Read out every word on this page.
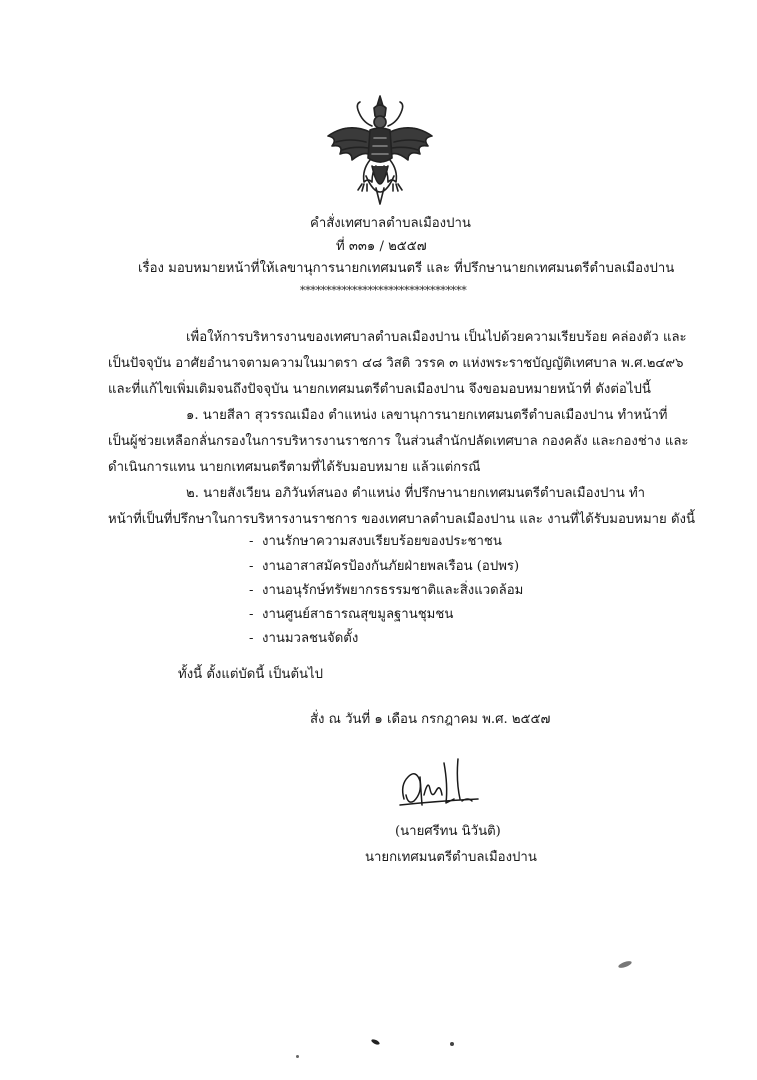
คำสั่งเทศบาลตำบลเมืองปาน
ที่ ๓๓๑ / ๒๕๕๗
เรื่อง มอบหมายหน้าที่ให้เลขานุการนายกเทศมนตรี และ ที่ปรึกษานายกเทศมนตรีตำบลเมืองปาน
********************************
เพื่อให้การบริหารงานของเทศบาลตำบลเมืองปาน เป็นไปด้วยความเรียบร้อย คล่องตัว และ
เป็นปัจจุบัน อาศัยอำนาจตามความในมาตรา ๔๘ วิสติ วรรค ๓ แห่งพระราชบัญญัติเทศบาล พ.ศ.๒๔๙๖
และที่แก้ไขเพิ่มเติมจนถึงปัจจุบัน นายกเทศมนตรีตำบลเมืองปาน จึงขอมอบหมายหน้าที่ ดังต่อไปนี้
๑. นายสีลา สุวรรณเมือง ตำแหน่ง เลขานุการนายกเทศมนตรีตำบลเมืองปาน ทำหน้าที่
เป็นผู้ช่วยเหลือกลั่นกรองในการบริหารงานราชการ ในส่วนสำนักปลัดเทศบาล กองคลัง และกองช่าง และ
ดำเนินการแทน นายกเทศมนตรีตามที่ได้รับมอบหมาย แล้วแต่กรณี
๒. นายสังเวียน อภิวันท์สนอง ตำแหน่ง ที่ปรึกษานายกเทศมนตรีตำบลเมืองปาน ทำ
หน้าที่เป็นที่ปรึกษาในการบริหารงานราชการ ของเทศบาลตำบลเมืองปาน และ งานที่ได้รับมอบหมาย ดังนี้
- งานรักษาความสงบเรียบร้อยของประชาชน
- งานอาสาสมัครป้องกันภัยฝ่ายพลเรือน (อปพร)
- งานอนุรักษ์ทรัพยากรธรรมชาติและสิ่งแวดล้อม
- งานศูนย์สาธารณสุขมูลฐานชุมชน
- งานมวลชนจัดตั้ง
ทั้งนี้ ตั้งแต่บัดนี้ เป็นต้นไป
สั่ง ณ วันที่ ๑ เดือน กรกฎาคม พ.ศ. ๒๕๕๗
(นายศรีทน นิวันติ)
นายกเทศมนตรีตำบลเมืองปาน
